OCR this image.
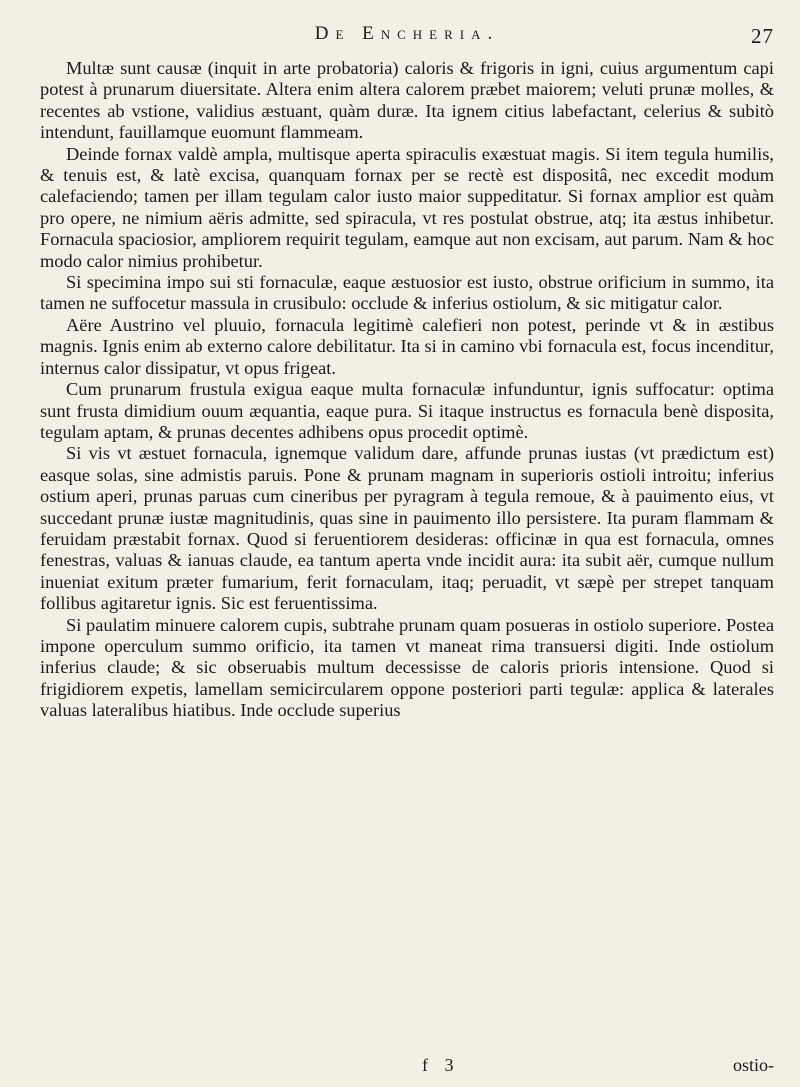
De Encheria.	27

Multæ sunt causæ (inquit in arte probatoria) caloris & frigoris in igni, cuius argumentum capi potest à prunarum diuersitate. Altera enim altera calorem præbet maiorem; veluti prunæ molles, & recentes ab vstione, validius æstuant, quàm duræ. Ita ignem citius labefactant, celerius & subitò intendunt, fauillamque euomunt flammeam.

Deinde fornax valdè ampla, multisque aperta spiraculis exæstuat magis. Si item tegula humilis, & tenuis est, & latè excisa, quanquam fornax per se rectè est dispositâ, nec excedit modum calefaciendo; tamen per illam tegulam calor iusto maior suppeditatur. Si fornax amplior est quàm pro opere, ne nimium aëris admitte, sed spiracula, vt res postulat obstrue, atq; ita æstus inhibetur. Fornacula spaciosior, ampliorem requirit tegulam, eamque aut non excisam, aut parum. Nam & hoc modo calor nimius prohibetur.

Si specimina impo sui sti fornaculæ, eaque æstuosior est iusto, obstrue orificium in summo, ita tamen ne suffocetur massula in crusibulo: occlude & inferius ostiolum, & sic mitigatur calor.

Aëre Austrino vel pluuio, fornacula legitimè calefieri non potest, perinde vt & in æstibus magnis. Ignis enim ab externo calore debilitatur. Ita si in camino vbi fornacula est, focus incenditur, internus calor dissipatur, vt opus frigeat.

Cum prunarum frustula exigua eaque multa fornaculæ infunduntur, ignis suffocatur: optima sunt frusta dimidium ouum æquantia, eaque pura. Si itaque instructus es fornacula benè disposita, tegulam aptam, & prunas decentes adhibens opus procedit optimè.

Si vis vt æstuet fornacula, ignemque validum dare, affunde prunas iustas (vt prædictum est) easque solas, sine admistis paruis. Pone & prunam magnam in superioris ostioli introitu; inferius ostium aperi, prunas paruas cum cineribus per pyragram à tegula remoue, & à pauimento eius, vt succedant prunæ iustæ magnitudinis, quas sine in pauimento illo persistere. Ita puram flammam & feruidam præstabit fornax. Quod si feruentiorem desideras: officinæ in qua est fornacula, omnes fenestras, valuas & ianuas claude, ea tantum aperta vnde incidit aura: ita subit aër, cumque nullum inueniat exitum præter fumarium, ferit fornaculam, itaq; peruadit, vt sæpè per strepet tanquam follibus agitaretur ignis. Sic est feruentissima.

Si paulatim minuere calorem cupis, subtrahe prunam quam posueras in ostiolo superiore. Postea impone operculum summo orificio, ita tamen vt maneat rima transuersi digiti. Inde ostiolum inferius claude; & sic obseruabis multum decessisse de caloris prioris intensione. Quod si frigidiorem expetis, lamellam semicircularem oppone posteriori parti tegulæ: applica & laterales valuas lateralibus hiatibus. Inde occlude superius

f 3	ostio-
